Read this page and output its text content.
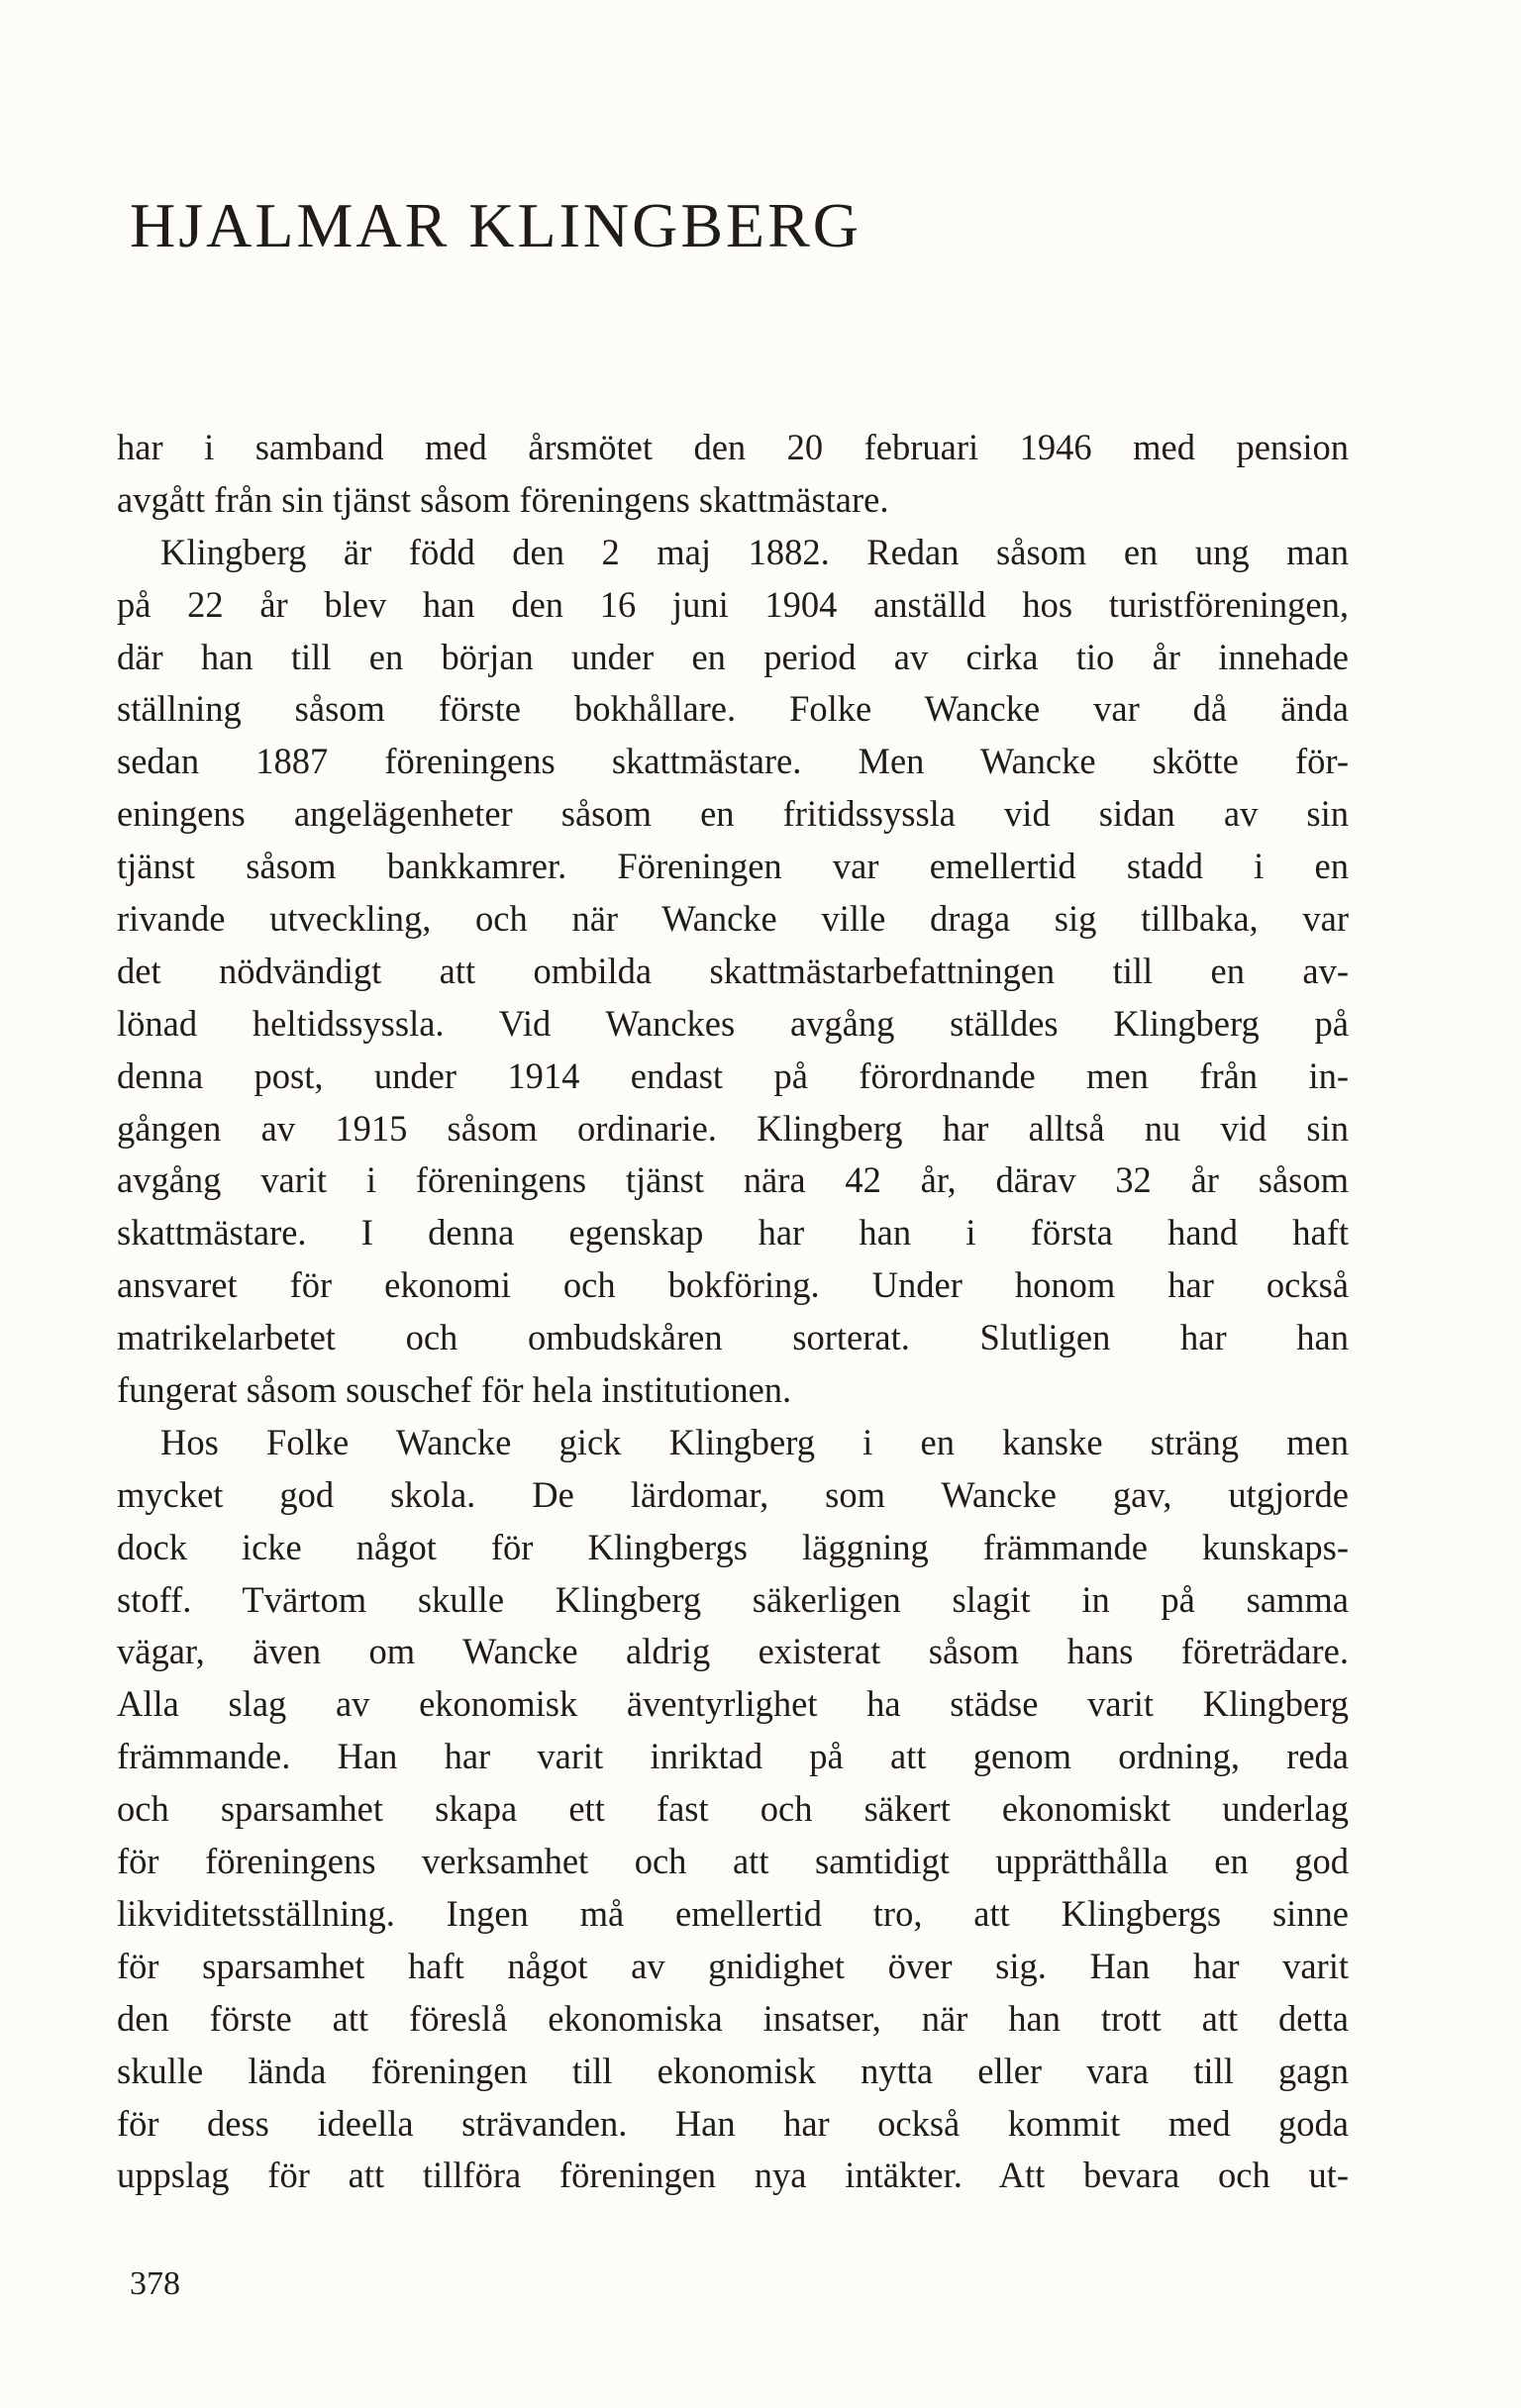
HJALMAR KLINGBERG
har i samband med årsmötet den 20 februari 1946 med pension
avgått från sin tjänst såsom föreningens skattmästare.
Klingberg är född den 2 maj 1882. Redan såsom en ung man
på 22 år blev han den 16 juni 1904 anställd hos turistföreningen,
där han till en början under en period av cirka tio år innehade
ställning såsom förste bokhållare. Folke Wancke var då ända
sedan 1887 föreningens skattmästare. Men Wancke skötte för-
eningens angelägenheter såsom en fritidssyssla vid sidan av sin
tjänst såsom bankkamrer. Föreningen var emellertid stadd i en
rivande utveckling, och när Wancke ville draga sig tillbaka, var
det nödvändigt att ombilda skattmästarbefattningen till en av-
lönad heltidssyssla. Vid Wanckes avgång ställdes Klingberg på
denna post, under 1914 endast på förordnande men från in-
gången av 1915 såsom ordinarie. Klingberg har alltså nu vid sin
avgång varit i föreningens tjänst nära 42 år, därav 32 år såsom
skattmästare. I denna egenskap har han i första hand haft
ansvaret för ekonomi och bokföring. Under honom har också
matrikelarbetet och ombudskåren sorterat. Slutligen har han
fungerat såsom souschef för hela institutionen.
Hos Folke Wancke gick Klingberg i en kanske sträng men
mycket god skola. De lärdomar, som Wancke gav, utgjorde
dock icke något för Klingbergs läggning främmande kunskaps-
stoff. Tvärtom skulle Klingberg säkerligen slagit in på samma
vägar, även om Wancke aldrig existerat såsom hans företrädare.
Alla slag av ekonomisk äventyrlighet ha städse varit Klingberg
främmande. Han har varit inriktad på att genom ordning, reda
och sparsamhet skapa ett fast och säkert ekonomiskt underlag
för föreningens verksamhet och att samtidigt upprätthålla en god
likviditetsställning. Ingen må emellertid tro, att Klingbergs sinne
för sparsamhet haft något av gnidighet över sig. Han har varit
den förste att föreslå ekonomiska insatser, när han trott att detta
skulle lända föreningen till ekonomisk nytta eller vara till gagn
för dess ideella strävanden. Han har också kommit med goda
uppslag för att tillföra föreningen nya intäkter. Att bevara och ut-
378
